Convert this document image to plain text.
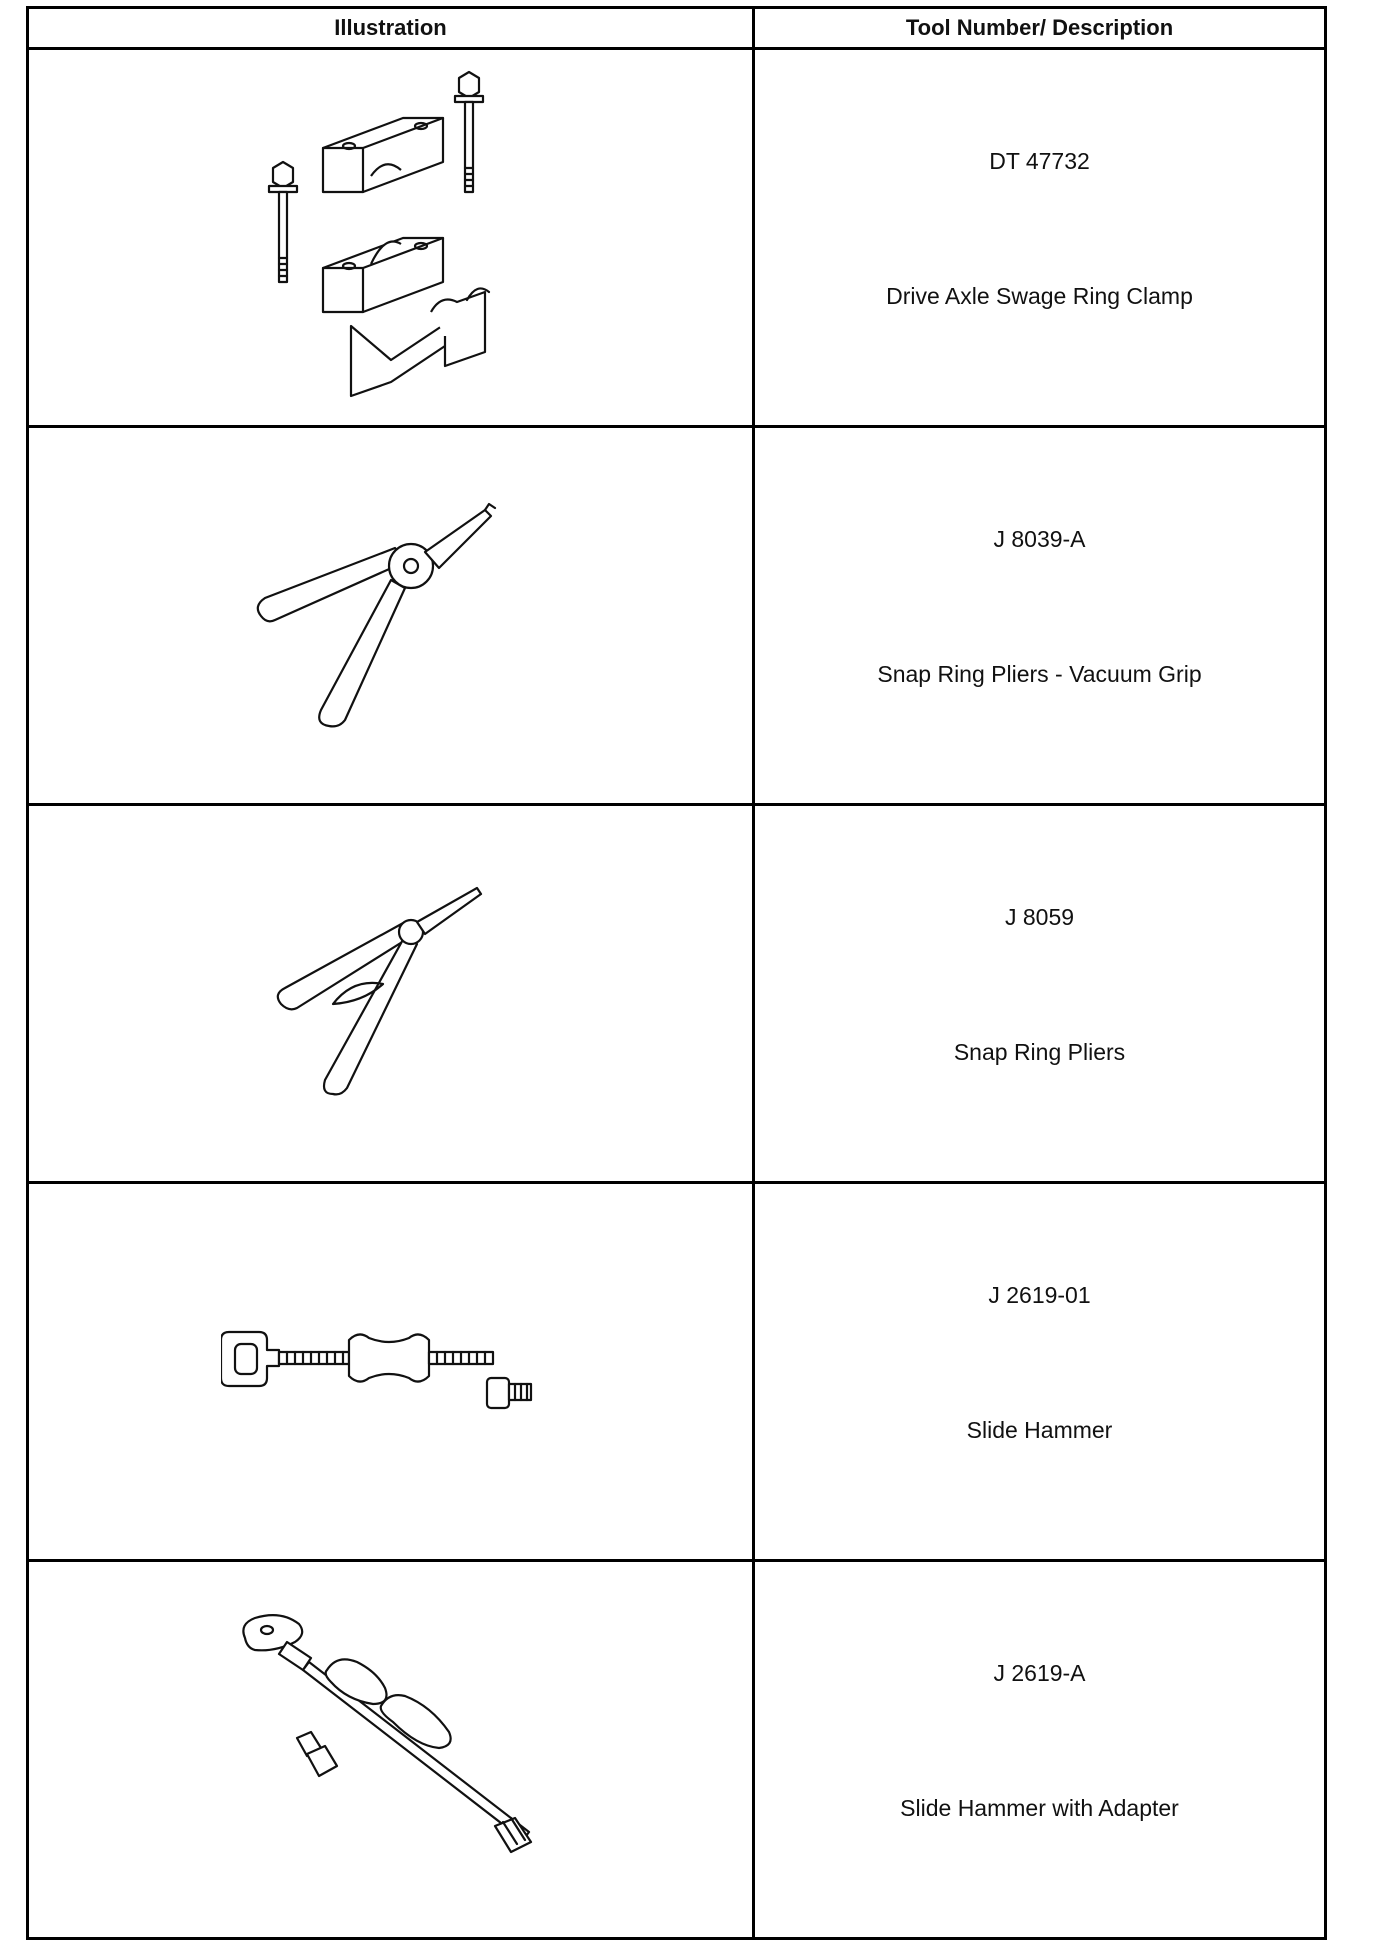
Illustration	Tool Number/ Description

DT 47732
Drive Axle Swage Ring Clamp

J 8039-A
Snap Ring Pliers - Vacuum Grip

J 8059
Snap Ring Pliers

J 2619-01
Slide Hammer

J 2619-A
Slide Hammer with Adapter
